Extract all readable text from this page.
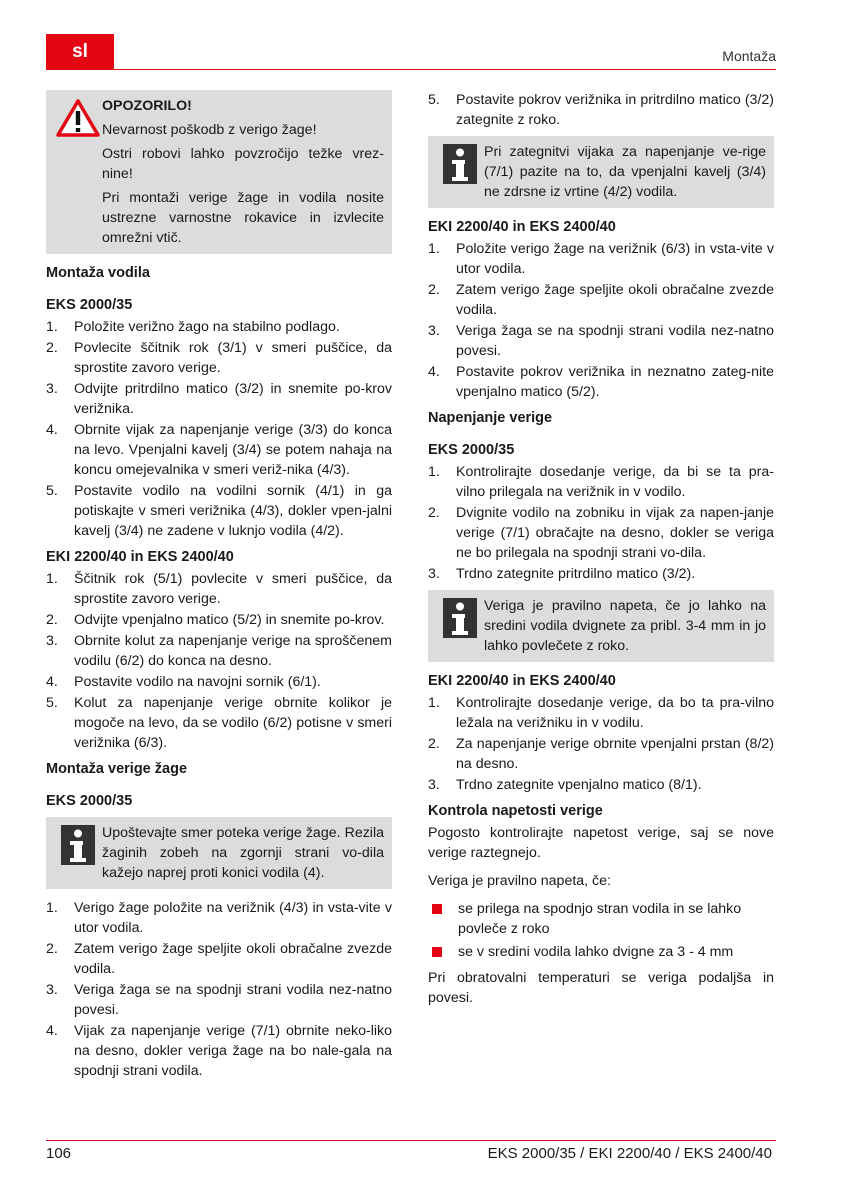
sl	Montaža

OPOZORILO!

Nevarnost poškodb z verigo žage!

Ostri robovi lahko povzročijo težke vrez-nine!

Pri montaži verige žage in vodila nosite ustrezne varnostne rokavice in izvlecite omrežni vtič.

Montaža vodila
EKS 2000/35
1.	Položite verižno žago na stabilno podlago.
2.	Povlecite ščitnik rok (3/1) v smeri puščice, da sprostite zavoro verige.
3.	Odvijte pritrdilno matico (3/2) in snemite po-krov verižnika.
4.	Obrnite vijak za napenjanje verige (3/3) do konca na levo. Vpenjalni kavelj (3/4) se potem nahaja na koncu omejevalnika v smeri veriž-nika (4/3).
5.	Postavite vodilo na vodilni sornik (4/1) in ga potiskajte v smeri verižnika (4/3), dokler vpen-jalni kavelj (3/4) ne zadene v luknjo vodila (4/2).
EKI 2200/40 in EKS 2400/40
1.	Ščitnik rok (5/1) povlecite v smeri puščice, da sprostite zavoro verige.
2.	Odvijte vpenjalno matico (5/2) in snemite po-krov.
3.	Obrnite kolut za napenjanje verige na sproščenem vodilu (6/2) do konca na desno.
4.	Postavite vodilo na navojni sornik (6/1).
5.	Kolut za napenjanje verige obrnite kolikor je mogoče na levo, da se vodilo (6/2) potisne v smeri verižnika (6/3).
Montaža verige žage
EKS 2000/35

Upoštevajte smer poteka verige žage. Rezila žaginih zobeh na zgornji strani vo-dila kažejo naprej proti konici vodila (4).

1.	Verigo žage položite na verižnik (4/3) in vsta-vite v utor vodila.
2.	Zatem verigo žage speljite okoli obračalne zvezde vodila.
3.	Veriga žaga se na spodnji strani vodila nez-natno povesi.
4.	Vijak za napenjanje verige (7/1) obrnite neko-liko na desno, dokler veriga žage na bo nale-gala na spodnji strani vodila.
5.	Postavite pokrov verižnika in pritrdilno matico (3/2) zategnite z roko.

Pri zategnitvi vijaka za napenjanje ve-rige (7/1) pazite na to, da vpenjalni kavelj (3/4) ne zdrsne iz vrtine (4/2) vodila.

EKI 2200/40 in EKS 2400/40
1.	Položite verigo žage na verižnik (6/3) in vsta-vite v utor vodila.
2.	Zatem verigo žage speljite okoli obračalne zvezde vodila.
3.	Veriga žaga se na spodnji strani vodila nez-natno povesi.
4.	Postavite pokrov verižnika in neznatno zateg-nite vpenjalno matico (5/2).
Napenjanje verige
EKS 2000/35
1.	Kontrolirajte dosedanje verige, da bi se ta pra-vilno prilegala na verižnik in v vodilo.
2.	Dvignite vodilo na zobniku in vijak za napen-janje verige (7/1) obračajte na desno, dokler se veriga ne bo prilegala na spodnji strani vo-dila.
3.	Trdno zategnite pritrdilno matico (3/2).

Veriga je pravilno napeta, če jo lahko na sredini vodila dvignete za pribl. 3-4 mm in jo lahko povlečete z roko.

EKI 2200/40 in EKS 2400/40
1.	Kontrolirajte dosedanje verige, da bo ta pra-vilno ležala na verižniku in v vodilu.
2.	Za napenjanje verige obrnite vpenjalni prstan (8/2) na desno.
3.	Trdno zategnite vpenjalno matico (8/1).
Kontrola napetosti verige

Pogosto kontrolirajte napetost verige, saj se nove verige raztegnejo.

Veriga je pravilno napeta, če:

se prilega na spodnjo stran vodila in se lahko povleče z roko
se v sredini vodila lahko dvigne za 3 - 4 mm

Pri obratovalni temperaturi se veriga podaljša in povesi.

106	EKS 2000/35 / EKI 2200/40 / EKS 2400/40
